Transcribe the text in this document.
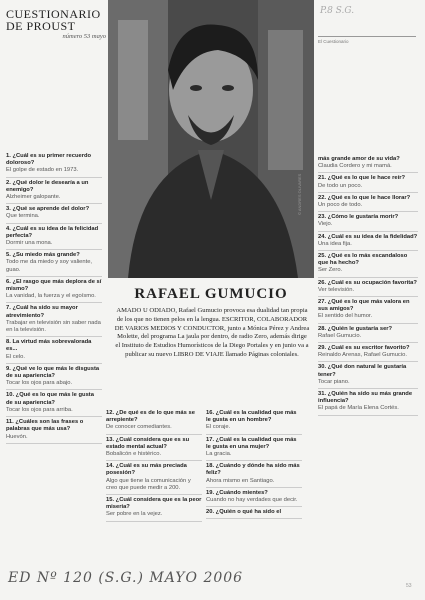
CUESTIONARIO
DE PROUST
número 53 mayo
P.8 S.G.
El Cuestionario
© ANDRES OLIVARES
RAFAEL GUMUCIO
AMADO U ODIADO, Rafael Gumucio provoca esa dualidad tan propia de los que no tienen pelos en la lengua. ESCRITOR, COLABORADOR DE VARIOS MEDIOS Y CONDUCTOR, junto a Mónica Pérez y Andrea Molette, del programa La jaula por dentro, de radio Zero, además dirige el Instituto de Estudios Humorísticos de la Diego Portales y en junio va a publicar su nuevo LIBRO DE VIAJE llamado Páginas coloniales.
1. ¿Cuál es su primer recuerdo doloroso?
El golpe de estado en 1973.
2. ¿Qué dolor le desearía a un enemigo?
Alzheimer galopante.
3. ¿Qué se aprende del dolor?
Que termina.
4. ¿Cuál es su idea de la felicidad perfecta?
Dormir una mona.
5. ¿Su miedo más grande?
Todo me da miedo y soy valiente, guao.
6. ¿El rasgo que más deplora de sí mismo?
La vanidad, la fuerza y el egoísmo.
7. ¿Cuál ha sido su mayor atrevimiento?
Trabajar en televisión sin saber nada en la televisión.
8. La virtud más sobrevalorada es...
El celo.
9. ¿Qué ve lo que más le disgusta de su apariencia?
Tocar los ojos para abajo.
10. ¿Qué es lo que más le gusta de su apariencia?
Tocar los ojos para arriba.
11. ¿Cuáles son las frases o palabras que más usa?
Huevón.
12. ¿De qué es de lo que más se arrepiente?
De conocer comediantes.
13. ¿Cuál considera que es su estado mental actual?
Bobalicón e histérico.
14. ¿Cuál es su más preciada posesión?
Algo que tiene la comunicación y creo que puede medir a 200.
15. ¿Cuál considera que es la peor miseria?
Ser pobre en la vejez.
16. ¿Cuál es la cualidad que más le gusta en un hombre?
El coraje.
17. ¿Cuál es la cualidad que más le gusta en una mujer?
La gracia.
18. ¿Cuándo y dónde ha sido más feliz?
Ahora mismo en Santiago.
19. ¿Cuándo mientes?
Cuando no hay verdades que decir.
20. ¿Quién o qué ha sido el
más grande amor de su vida?
Claudia Cordero y mi mamá.
21. ¿Qué es lo que le hace reír?
De todo un poco.
22. ¿Qué es lo que le hace llorar?
Un poco de todo.
23. ¿Cómo le gustaría morir?
Viejo.
24. ¿Cuál es su idea de la fidelidad?
Una idea fija.
25. ¿Qué es lo más escandaloso que ha hecho?
Ser Zero.
26. ¿Cuál es su ocupación favorita?
Ver televisión.
27. ¿Qué es lo que más valora en sus amigos?
El sentido del humor.
28. ¿Quién le gustaría ser?
Rafael Gumucio.
29. ¿Cuál es su escritor favorito?
Reinaldo Arenas, Rafael Gumucio.
30. ¿Qué don natural le gustaría tener?
Tocar piano.
31. ¿Quién ha sido su más grande influencia?
El papá de María Elena Cortés.
ED Nº 120 (S.G.) MAYO 2006	53
